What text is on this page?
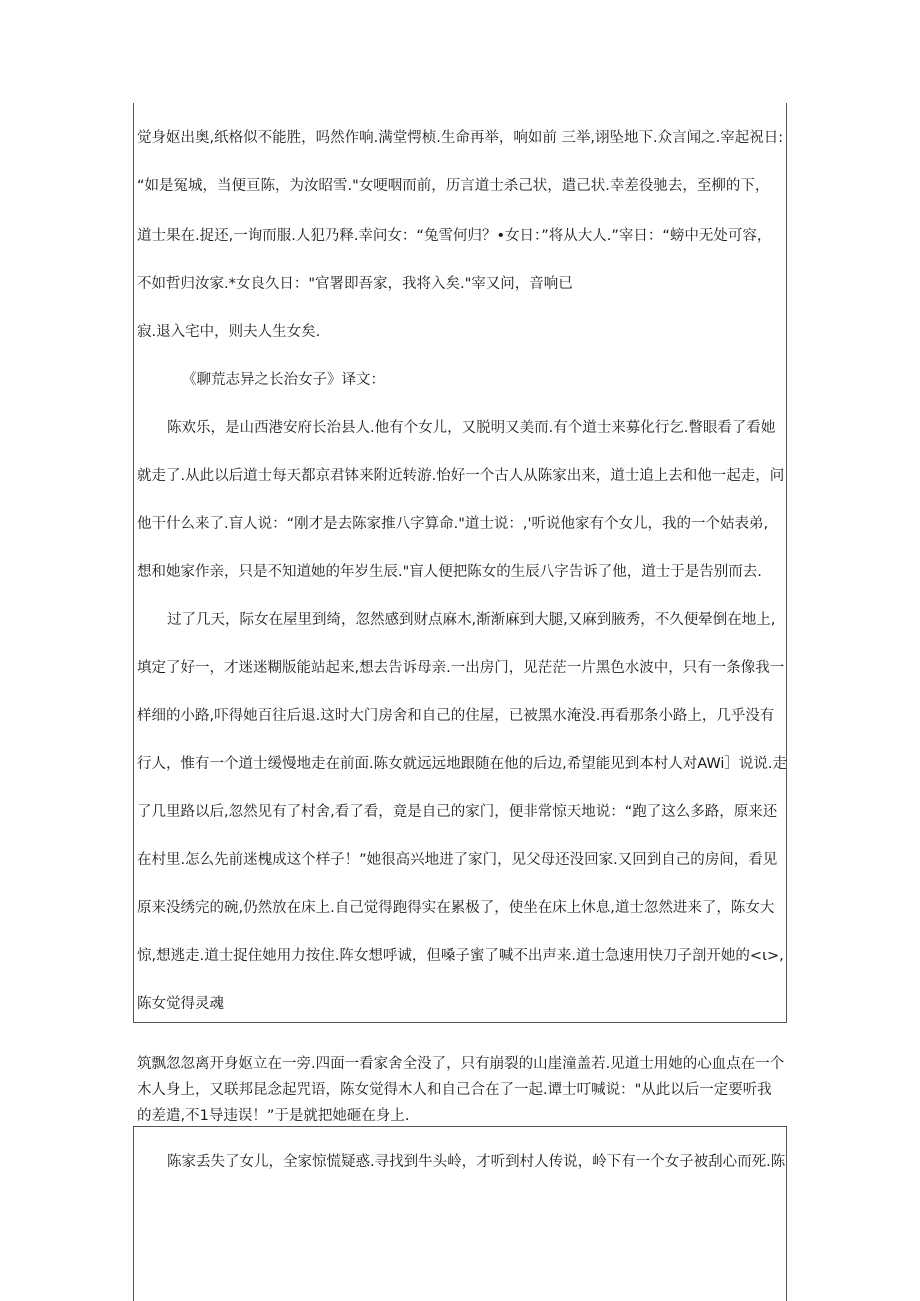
觉身妪出奥,纸格似不能胜，吗然作响.满堂愕桢.生命再举，响如前 三举,诩坠地下.众言闻之.宰起祝日:
“如是冤城，当便亘陈，为汝昭雪."女哽咽而前，历言道士杀己状，遣己状.幸差役驰去，至柳的下，
道士果在.捉还,一询而服.人犯乃释.幸问女：“兔雪何归？•女日：”将从大人.”宰日：“螃中无处可容，
不如哲归汝家.*女良久日："官署即吾家，我将入矣."宰又问，音响已
寂.退入宅中，则夫人生女矣.
《聊荒志异之长治女子》译文：
陈欢乐，是山西港安府长治县人.他有个女儿，又脱明又美而.有个道士来募化行乞.瞥眼看了看她
就走了.从此以后道士每天都京君钵来附近转游.怡好一个古人从陈家出来，道士追上去和他一起走，问
他干什么来了.盲人说：“刚才是去陈家推八字算命."道士说：,'听说他家有个女儿，我的一个姑表弟,
想和她家作亲，只是不知道她的年岁生辰."盲人便把陈女的生辰八字告诉了他，道士于是告别而去.
过了几天，际女在屋里到绮，忽然感到财点麻木,渐渐麻到大腿,又麻到腋秀，不久便晕倒在地上,
填定了好一，才迷迷糊版能站起来,想去告诉母亲.一出房门，见茫茫一片黑色水波中，只有一条像我一
样细的小路,吓得她百往后退.这时大门房舍和自己的住屋，已被黑水淹没.再看那条小路上，几乎没有
行人，惟有一个道士缓慢地走在前面.陈女就远远地跟随在他的后边,希望能见到本村人对AWi］说说.走
了几里路以后,忽然见有了村舍,看了看，竟是自己的家门，便非常惊天地说：“跑了这么多路，原来还
在村里.怎么先前迷槐成这个样子！”她很高兴地进了家门，见父母还没回家.又回到自己的房间，看见
原来没绣完的碗,仍然放在床上.自己觉得跑得实在累极了，使坐在床上休息,道士忽然进来了，陈女大
惊,想逃走.道士捉住她用力按住.阵女想呼诚，但嗓子蜜了喊不出声来.道士急速用快刀子剖开她的<ι>,
陈女觉得灵魂
筑飘忽忽离开身妪立在一旁.四面一看家舍全没了，只有崩裂的山崖潼盖若.见道士用她的心血点在一个
木人身上，又联邦昆念起咒语，陈女觉得木人和自己合在了一起.谭士叮喊说："从此以后一定要听我
的差遣,不1导违误！”于是就把她砸在身上.
陈家丢失了女儿，全家惊慌疑惑.寻找到牛头岭，才听到村人传说，岭下有一个女子被刮心而死.陈
